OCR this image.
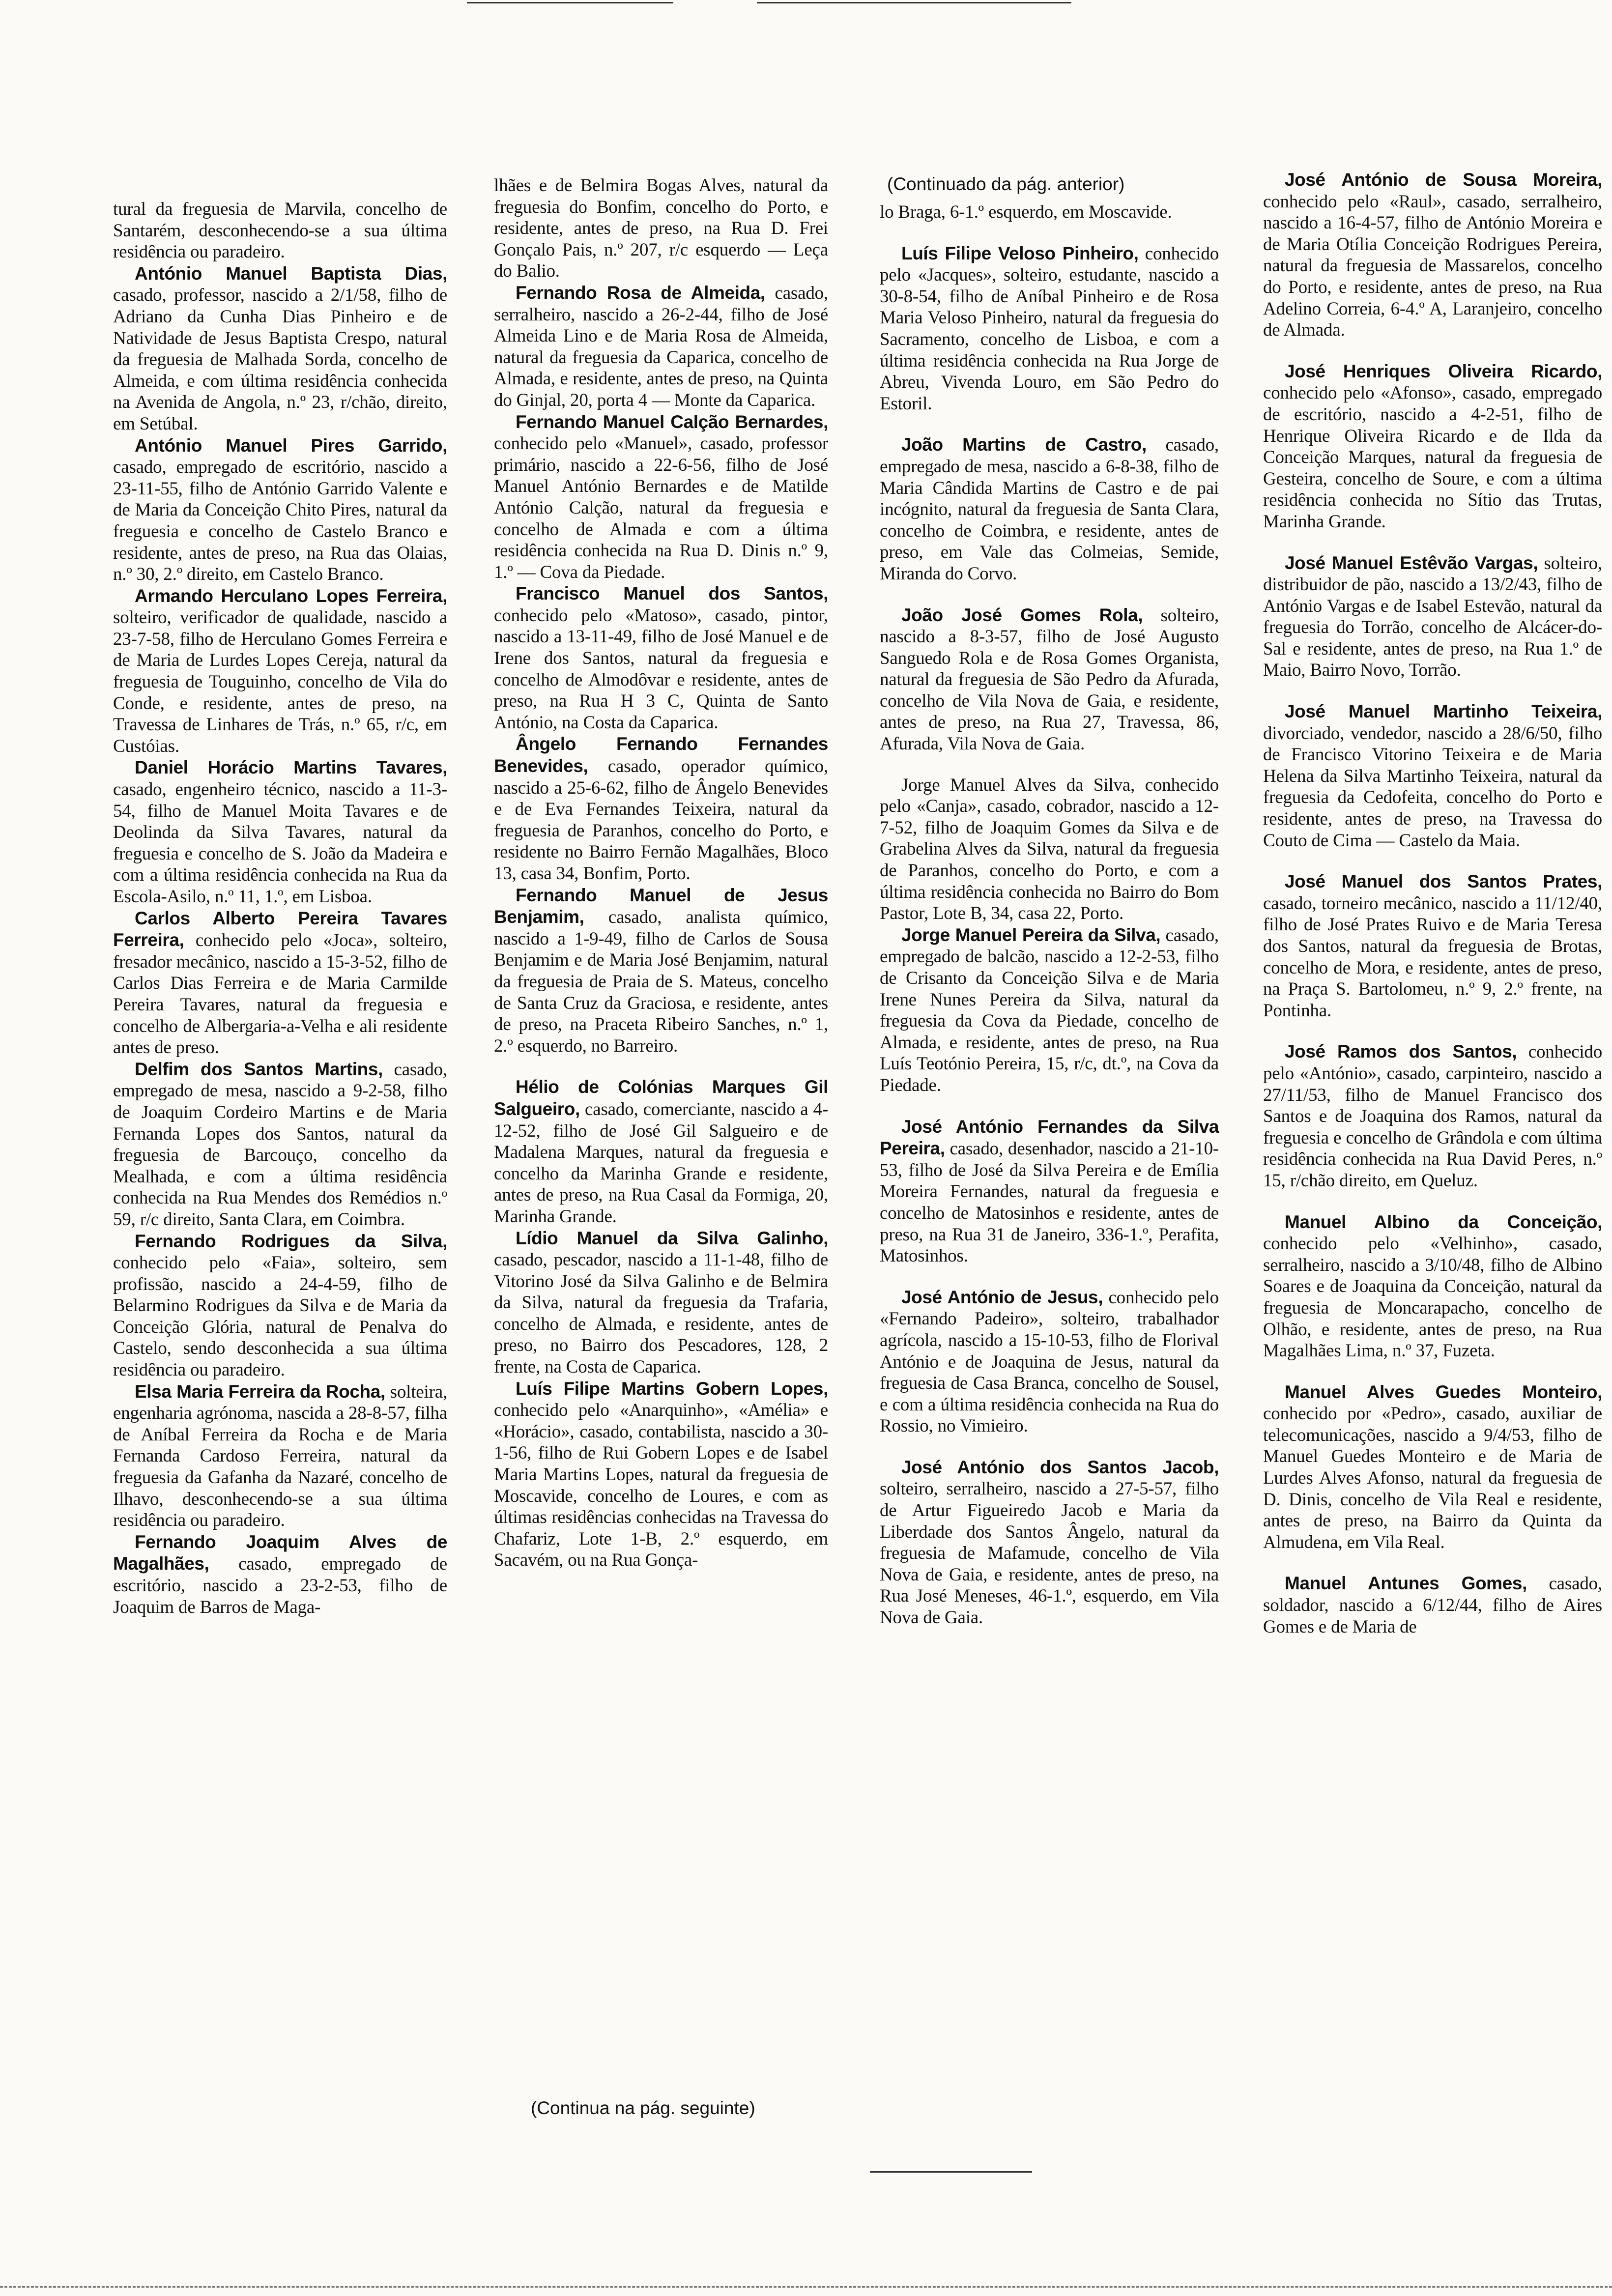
(Continuado da pág. anterior)
(Continua na pág. seguinte)

tural da freguesia de Marvila, concelho de Santarém, desconhecendo-se a sua última residência ou paradeiro.

António Manuel Baptista Dias, casado, professor, nascido a 2/1/58, filho de Adriano da Cunha Dias Pinheiro e de Natividade de Jesus Baptista Crespo, natural da freguesia de Malhada Sorda, concelho de Almeida, e com última residência conhecida na Avenida de Angola, n.º 23, r/chão, direito, em Setúbal.

António Manuel Pires Garrido, casado, empregado de escritório, nascido a 23-11-55, filho de António Garrido Valente e de Maria da Conceição Chito Pires, natural da freguesia e concelho de Castelo Branco e residente, antes de preso, na Rua das Olaias, n.º 30, 2.º direito, em Castelo Branco.

Armando Herculano Lopes Ferreira, solteiro, verificador de qualidade, nascido a 23-7-58, filho de Herculano Gomes Ferreira e de Maria de Lurdes Lopes Cereja, natural da freguesia de Touguinho, concelho de Vila do Conde, e residente, antes de preso, na Travessa de Linhares de Trás, n.º 65, r/c, em Custóias.

Daniel Horácio Martins Tavares, casado, engenheiro técnico, nascido a 11-3-54, filho de Manuel Moita Tavares e de Deolinda da Silva Tavares, natural da freguesia e concelho de S. João da Madeira e com a última residência conhecida na Rua da Escola-Asilo, n.º 11, 1.º, em Lisboa.

Carlos Alberto Pereira Tavares Ferreira, conhecido pelo «Joca», solteiro, fresador mecânico, nascido a 15-3-52, filho de Carlos Dias Ferreira e de Maria Carmilde Pereira Tavares, natural da freguesia e concelho de Albergaria-a-Velha e ali residente antes de preso.

Delfim dos Santos Martins, casado, empregado de mesa, nascido a 9-2-58, filho de Joaquim Cordeiro Martins e de Maria Fernanda Lopes dos Santos, natural da freguesia de Barcouço, concelho da Mealhada, e com a última residência conhecida na Rua Mendes dos Remédios n.º 59, r/c direito, Santa Clara, em Coimbra.

Fernando Rodrigues da Silva, conhecido pelo «Faia», solteiro, sem profissão, nascido a 24-4-59, filho de Belarmino Rodrigues da Silva e de Maria da Conceição Glória, natural de Penalva do Castelo, sendo desconhecida a sua última residência ou paradeiro.

Elsa Maria Ferreira da Rocha, solteira, engenharia agrónoma, nascida a 28-8-57, filha de Aníbal Ferreira da Rocha e de Maria Fernanda Cardoso Ferreira, natural da freguesia da Gafanha da Nazaré, concelho de Ilhavo, desconhecendo-se a sua última residência ou paradeiro.

Fernando Joaquim Alves de Magalhães, casado, empregado de escritório, nascido a 23-2-53, filho de Joaquim de Barros de Maga-

lhães e de Belmira Bogas Alves, natural da freguesia do Bonfim, concelho do Porto, e residente, antes de preso, na Rua D. Frei Gonçalo Pais, n.º 207, r/c esquerdo — Leça do Balio.

Fernando Rosa de Almeida, casado, serralheiro, nascido a 26-2-44, filho de José Almeida Lino e de Maria Rosa de Almeida, natural da freguesia da Caparica, concelho de Almada, e residente, antes de preso, na Quinta do Ginjal, 20, porta 4 — Monte da Caparica.

Fernando Manuel Calção Bernardes, conhecido pelo «Manuel», casado, professor primário, nascido a 22-6-56, filho de José Manuel António Bernardes e de Matilde António Calção, natural da freguesia e concelho de Almada e com a última residência conhecida na Rua D. Dinis n.º 9, 1.º — Cova da Piedade.

Francisco Manuel dos Santos, conhecido pelo «Matoso», casado, pintor, nascido a 13-11-49, filho de José Manuel e de Irene dos Santos, natural da freguesia e concelho de Almodôvar e residente, antes de preso, na Rua H 3 C, Quinta de Santo António, na Costa da Caparica.

Ângelo Fernando Fernandes Benevides, casado, operador químico, nascido a 25-6-62, filho de Ângelo Benevides e de Eva Fernandes Teixeira, natural da freguesia de Paranhos, concelho do Porto, e residente no Bairro Fernão Magalhães, Bloco 13, casa 34, Bonfim, Porto.

Fernando Manuel de Jesus Benjamim, casado, analista químico, nascido a 1-9-49, filho de Carlos de Sousa Benjamim e de Maria José Benjamim, natural da freguesia de Praia de S. Mateus, concelho de Santa Cruz da Graciosa, e residente, antes de preso, na Praceta Ribeiro Sanches, n.º 1, 2.º esquerdo, no Barreiro.

Hélio de Colónias Marques Gil Salgueiro, casado, comerciante, nascido a 4-12-52, filho de José Gil Salgueiro e de Madalena Marques, natural da freguesia e concelho da Marinha Grande e residente, antes de preso, na Rua Casal da Formiga, 20, Marinha Grande.

Lídio Manuel da Silva Galinho, casado, pescador, nascido a 11-1-48, filho de Vitorino José da Silva Galinho e de Belmira da Silva, natural da freguesia da Trafaria, concelho de Almada, e residente, antes de preso, no Bairro dos Pescadores, 128, 2 frente, na Costa de Caparica.

Luís Filipe Martins Gobern Lopes, conhecido pelo «Anarquinho», «Amélia» e «Horácio», casado, contabilista, nascido a 30-1-56, filho de Rui Gobern Lopes e de Isabel Maria Martins Lopes, natural da freguesia de Moscavide, concelho de Loures, e com as últimas residências conhecidas na Travessa do Chafariz, Lote 1-B, 2.º esquerdo, em Sacavém, ou na Rua Gonça-

lo Braga, 6-1.º esquerdo, em Moscavide.

Luís Filipe Veloso Pinheiro, conhecido pelo «Jacques», solteiro, estudante, nascido a 30-8-54, filho de Aníbal Pinheiro e de Rosa Maria Veloso Pinheiro, natural da freguesia do Sacramento, concelho de Lisboa, e com a última residência conhecida na Rua Jorge de Abreu, Vivenda Louro, em São Pedro do Estoril.

João Martins de Castro, casado, empregado de mesa, nascido a 6-8-38, filho de Maria Cândida Martins de Castro e de pai incógnito, natural da freguesia de Santa Clara, concelho de Coimbra, e residente, antes de preso, em Vale das Colmeias, Semide, Miranda do Corvo.

João José Gomes Rola, solteiro, nascido a 8-3-57, filho de José Augusto Sanguedo Rola e de Rosa Gomes Organista, natural da freguesia de São Pedro da Afurada, concelho de Vila Nova de Gaia, e residente, antes de preso, na Rua 27, Travessa, 86, Afurada, Vila Nova de Gaia.

Jorge Manuel Alves da Silva, conhecido pelo «Canja», casado, cobrador, nascido a 12-7-52, filho de Joaquim Gomes da Silva e de Grabelina Alves da Silva, natural da freguesia de Paranhos, concelho do Porto, e com a última residência conhecida no Bairro do Bom Pastor, Lote B, 34, casa 22, Porto.

Jorge Manuel Pereira da Silva, casado, empregado de balcão, nascido a 12-2-53, filho de Crisanto da Conceição Silva e de Maria Irene Nunes Pereira da Silva, natural da freguesia da Cova da Piedade, concelho de Almada, e residente, antes de preso, na Rua Luís Teotónio Pereira, 15, r/c, dt.º, na Cova da Piedade.

José António Fernandes da Silva Pereira, casado, desenhador, nascido a 21-10-53, filho de José da Silva Pereira e de Emília Moreira Fernandes, natural da freguesia e concelho de Matosinhos e residente, antes de preso, na Rua 31 de Janeiro, 336-1.º, Perafita, Matosinhos.

José António de Jesus, conhecido pelo «Fernando Padeiro», solteiro, trabalhador agrícola, nascido a 15-10-53, filho de Florival António e de Joaquina de Jesus, natural da freguesia de Casa Branca, concelho de Sousel, e com a última residência conhecida na Rua do Rossio, no Vimieiro.

José António dos Santos Jacob, solteiro, serralheiro, nascido a 27-5-57, filho de Artur Figueiredo Jacob e Maria da Liberdade dos Santos Ângelo, natural da freguesia de Mafamude, concelho de Vila Nova de Gaia, e residente, antes de preso, na Rua José Meneses, 46-1.º, esquerdo, em Vila Nova de Gaia.

José António de Sousa Moreira, conhecido pelo «Raul», casado, serralheiro, nascido a 16-4-57, filho de António Moreira e de Maria Otília Conceição Rodrigues Pereira, natural da freguesia de Massarelos, concelho do Porto, e residente, antes de preso, na Rua Adelino Correia, 6-4.º A, Laranjeiro, concelho de Almada.

José Henriques Oliveira Ricardo, conhecido pelo «Afonso», casado, empregado de escritório, nascido a 4-2-51, filho de Henrique Oliveira Ricardo e de Ilda da Conceição Marques, natural da freguesia de Gesteira, concelho de Soure, e com a última residência conhecida no Sítio das Trutas, Marinha Grande.

José Manuel Estêvão Vargas, solteiro, distribuidor de pão, nascido a 13/2/43, filho de António Vargas e de Isabel Estevão, natural da freguesia do Torrão, concelho de Alcácer-do-Sal e residente, antes de preso, na Rua 1.º de Maio, Bairro Novo, Torrão.

José Manuel Martinho Teixeira, divorciado, vendedor, nascido a 28/6/50, filho de Francisco Vitorino Teixeira e de Maria Helena da Silva Martinho Teixeira, natural da freguesia da Cedofeita, concelho do Porto e residente, antes de preso, na Travessa do Couto de Cima — Castelo da Maia.

José Manuel dos Santos Prates, casado, torneiro mecânico, nascido a 11/12/40, filho de José Prates Ruivo e de Maria Teresa dos Santos, natural da freguesia de Brotas, concelho de Mora, e residente, antes de preso, na Praça S. Bartolomeu, n.º 9, 2.º frente, na Pontinha.

José Ramos dos Santos, conhecido pelo «António», casado, carpinteiro, nascido a 27/11/53, filho de Manuel Francisco dos Santos e de Joaquina dos Ramos, natural da freguesia e concelho de Grândola e com última residência conhecida na Rua David Peres, n.º 15, r/chão direito, em Queluz.

Manuel Albino da Conceição, conhecido pelo «Velhinho», casado, serralheiro, nascido a 3/10/48, filho de Albino Soares e de Joaquina da Conceição, natural da freguesia de Moncarapacho, concelho de Olhão, e residente, antes de preso, na Rua Magalhães Lima, n.º 37, Fuzeta.

Manuel Alves Guedes Monteiro, conhecido por «Pedro», casado, auxiliar de telecomunicações, nascido a 9/4/53, filho de Manuel Guedes Monteiro e de Maria de Lurdes Alves Afonso, natural da freguesia de D. Dinis, concelho de Vila Real e residente, antes de preso, na Bairro da Quinta da Almudena, em Vila Real.

Manuel Antunes Gomes, casado, soldador, nascido a 6/12/44, filho de Aires Gomes e de Maria de
